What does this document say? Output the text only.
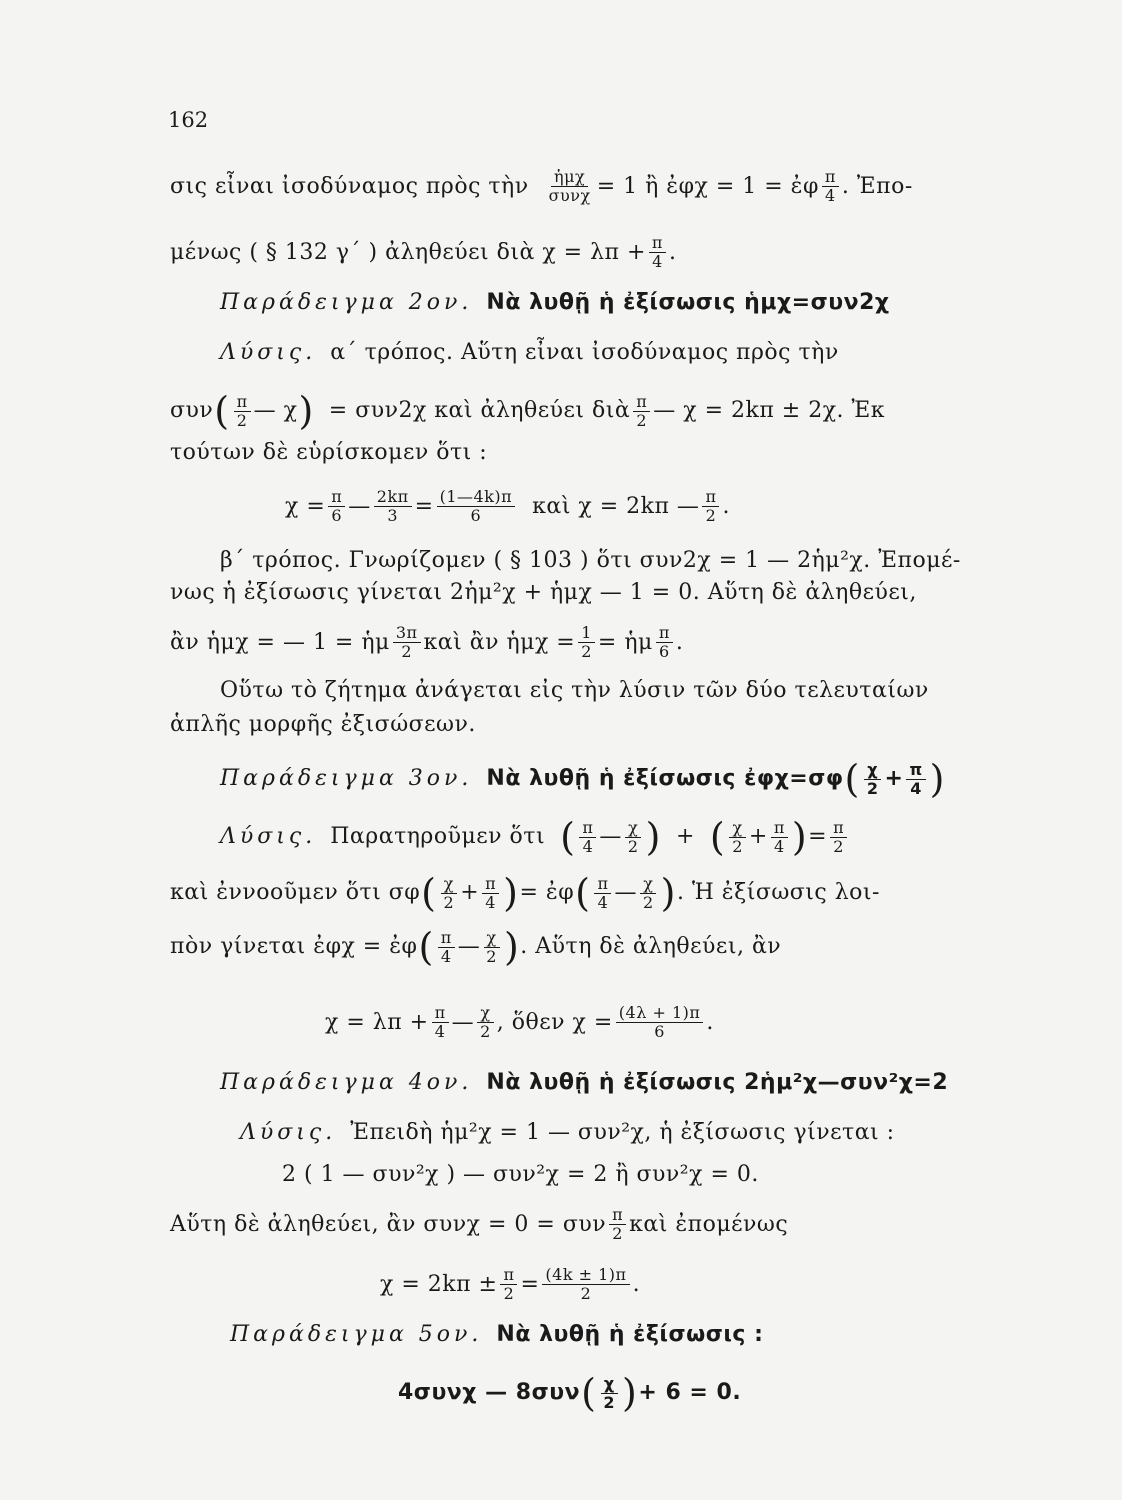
162
σις εἶναι ἰσοδύναμος πρὸς τὴν $\frac{\text{ἡμχ}}{\text{συνχ}} = 1$ ἢ ἐφχ = 1 = ἐφ $\frac{\pi}{4}$ . Ἐπο-
μένως ( § 132 γ΄ ) ἀληθεύει διὰ $\chi = \lambda\pi + \frac{\pi}{4}$ .
Παράδειγμα 2ον. Νὰ λυθῇ ἡ ἐξίσωσις ἡμχ=συν2χ
Λύσις. α΄ τρόπος. Αὕτη εἶναι ἰσοδύναμος πρὸς τὴν
συν ( $\frac{\pi}{2}$ — χ ) = συν2χ καὶ ἀληθεύει διὰ $\frac{\pi}{2}$ — χ = 2kπ ± 2χ. Ἐκ
τούτων δὲ εὑρίσκομεν ὅτι :
$\chi = \frac{\pi}{6}$ — $\frac{2k\pi}{3} = \frac{(1—4k)\pi}{6}$ καὶ χ = 2kπ — $\frac{\pi}{2}$ .
β΄ τρόπος. Γνωρίζομεν ( § 103 ) ὅτι συν2χ = 1 — 2ἡμ²χ. Ἐπομέ-
νως ἡ ἐξίσωσις γίνεται 2ἡμ²χ + ἡμχ — 1 = 0. Αὕτη δὲ ἀληθεύει,
ἂν ἡμχ = — 1 = ἡμ $\frac{3\pi}{2}$ καὶ ἂν ἡμχ = $\frac{1}{2}$ = ἡμ $\frac{\pi}{6}$ .
Οὕτω τὸ ζήτημα ἀνάγεται εἰς τὴν λύσιν τῶν δύο τελευταίων
ἁπλῆς μορφῆς ἐξισώσεων.
Παράδειγμα 3ον. Νὰ λυθῇ ἡ ἐξίσωσις ἐφχ=σφ ( $\frac{\chi}{2} + \frac{\pi}{4}$ )
Λύσις. Παρατηροῦμεν ὅτι ( $\frac{\pi}{4}$ — $\frac{\chi}{2}$ ) + ( $\frac{\chi}{2} + \frac{\pi}{4}$ ) = $\frac{\pi}{2}$
καὶ ἐννοοῦμεν ὅτι σφ ( $\frac{\chi}{2} + \frac{\pi}{4}$ ) = ἐφ ( $\frac{\pi}{4}$ — $\frac{\chi}{2}$ ) . Ἡ ἐξίσωσις λοι-
πὸν γίνεται ἐφχ = ἐφ ( $\frac{\pi}{4}$ — $\frac{\chi}{2}$ ) . Αὕτη δὲ ἀληθεύει, ἂν
$\chi = \lambda\pi + \frac{\pi}{4}$ — $\frac{\chi}{2}$ , ὅθεν $\chi = \frac{(4\lambda + 1)\pi}{6}$ .
Παράδειγμα 4ον. Νὰ λυθῇ ἡ ἐξίσωσις 2ἡμ²χ—συν²χ=2
Λύσις. Ἐπειδὴ ἡμ²χ = 1 — συν²χ, ἡ ἐξίσωσις γίνεται :
2 ( 1 — συν²χ ) — συν²χ = 2 ἢ συν²χ = 0.
Αὕτη δὲ ἀληθεύει, ἂν συνχ = 0 = συν $\frac{\pi}{2}$ καὶ ἐπομένως
$\chi = 2k\pi \pm \frac{\pi}{2} = \frac{(4k \pm 1)\pi}{2}$ .
Παράδειγμα 5ον. Νὰ λυθῇ ἡ ἐξίσωσις :
4συνχ — 8συν ( $\frac{\chi}{2}$ ) + 6 = 0.
